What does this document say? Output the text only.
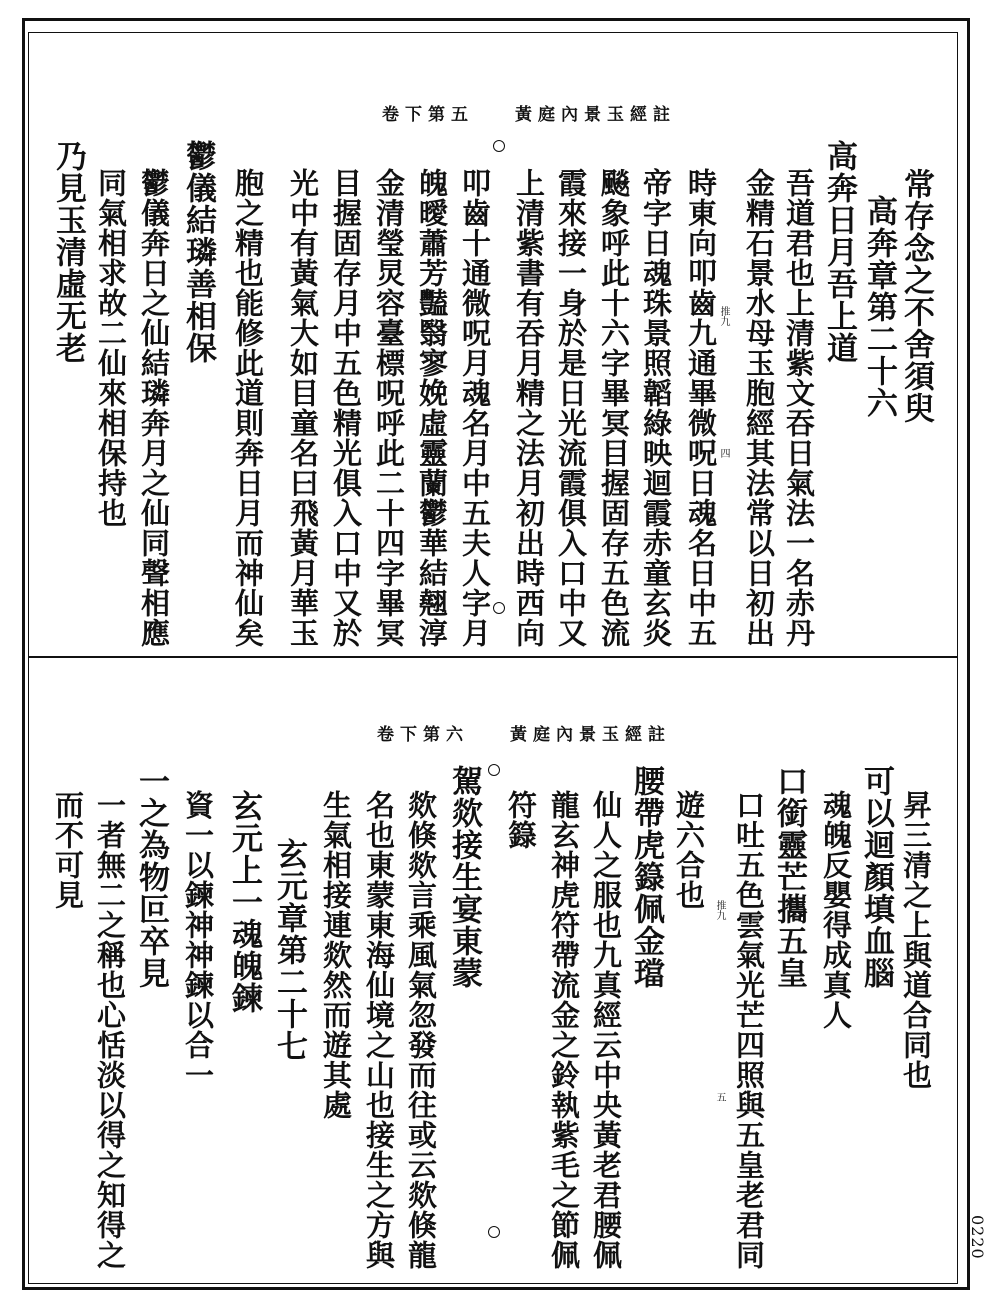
0220
黃庭內景玉經註
卷下第五
常存念之不舍須臾
高奔章第二十六
高奔日月吾上道
吾道君也上清紫文吞日氣法一名赤丹
金精石景水母玉胞經其法常以日初出
時東向叩齒九通畢微呪日魂名日中五
帝字日魂珠景照韜綠映迴霞赤童玄炎
飈象呼此十六字畢冥目握固存五色流
霞來接一身於是日光流霞俱入口中又
上清紫書有吞月精之法月初出時西向
叩齒十通微呪月魂名月中五夫人字月
魄曖蕭芳豔翳寥娩虛靈蘭鬱華結翹淳
金清瑩炅容臺標呪呼此二十四字畢冥
目握固存月中五色精光俱入口中又於
光中有黃氣大如目童名曰飛黃月華玉
胞之精也能修此道則奔日月而神仙矣
鬱儀結璘善相保
鬱儀奔日之仙結璘奔月之仙同聲相應
同氣相求故二仙來相保持也
乃見玉清虛无老	推九
四
黃庭內景玉經註
卷下第六
昇三清之上與道合同也
可以迴顏填血腦
魂魄反嬰得成真人
口銜靈芒攜五皇
口吐五色雲氣光芒四照與五皇老君同
遊六合也
腰帶虎籙佩金璫
仙人之服也九真經云中央黃老君腰佩
龍玄神虎符帶流金之鈴執紫毛之節佩
符籙
駕欻接生宴東蒙
欻倏欻言乘風氣忽發而往或云欻倏龍
名也東蒙東海仙境之山也接生之方與
生氣相接連欻然而遊其處
玄元章第二十七
玄元上一魂魄鍊
資一以鍊神神鍊以合一
一之為物叵卒見
一者無二之稱也心恬淡以得之知得之
而不可見	推九
五
